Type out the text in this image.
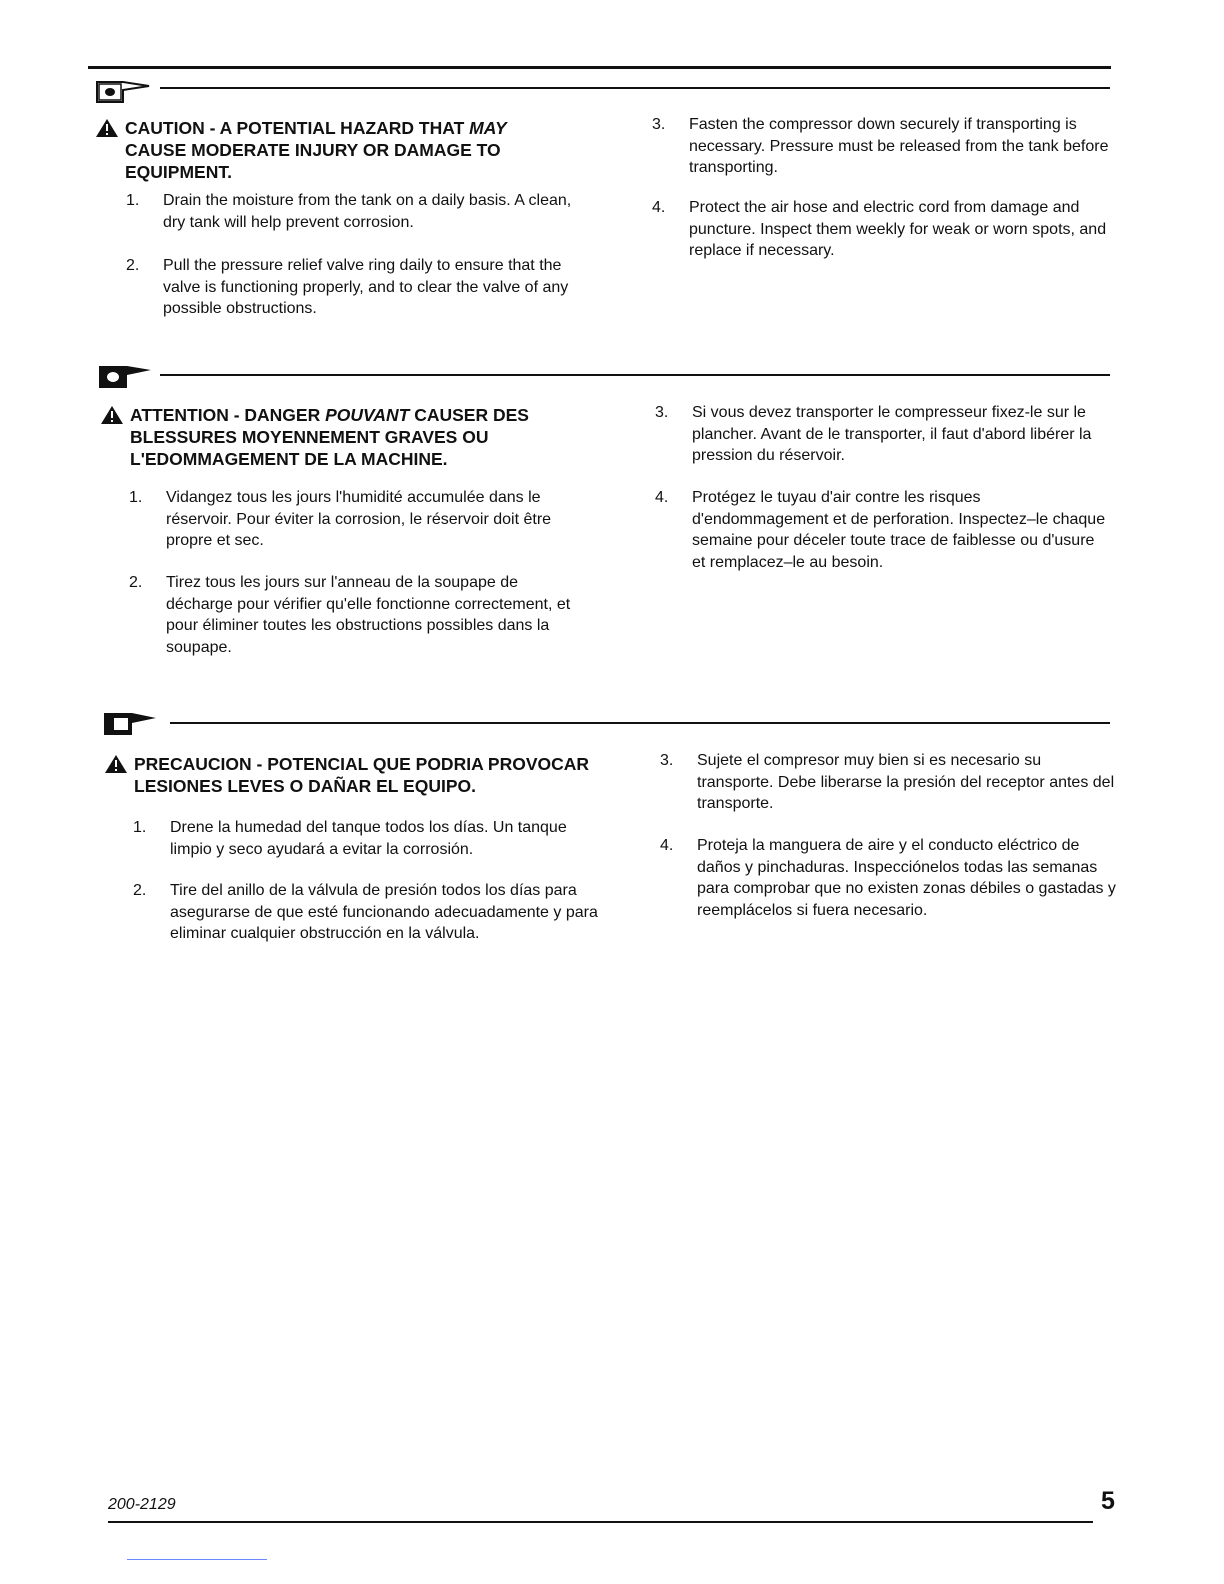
CAUTION - A POTENTIAL HAZARD THAT MAY CAUSE MODERATE INJURY OR DAMAGE TO EQUIPMENT.
1. Drain the moisture from the tank on a daily basis. A clean, dry tank will help prevent corrosion.
2. Pull the pressure relief valve ring daily to ensure that the valve is functioning properly, and to clear the valve of any possible obstructions.
3. Fasten the compressor down securely if transporting is necessary. Pressure must be released from the tank before transporting.
4. Protect the air hose and electric cord from damage and puncture. Inspect them weekly for weak or worn spots, and replace if necessary.
ATTENTION - DANGER POUVANT CAUSER DES BLESSURES MOYENNEMENT GRAVES OU L'EDOMMAGEMENT DE LA MACHINE.
1. Vidangez tous les jours l'humidité accumulée dans le réservoir. Pour éviter la corrosion, le réservoir doit être propre et sec.
2. Tirez tous les jours sur l'anneau de la soupape de décharge pour vérifier qu'elle fonctionne correctement, et pour éliminer toutes les obstructions possibles dans la soupape.
3. Si vous devez transporter le compresseur fixez-le sur le plancher. Avant de le transporter, il faut d'abord libérer la pression du réservoir.
4. Protégez le tuyau d'air contre les risques d'endommagement et de perforation. Inspectez–le chaque semaine pour déceler toute trace de faiblesse ou d'usure et remplacez–le au besoin.
PRECAUCION - POTENCIAL QUE PODRIA PROVOCAR LESIONES LEVES O DAÑAR EL EQUIPO.
1. Drene la humedad del tanque todos los días. Un tanque limpio y seco ayudará a evitar la corrosión.
2. Tire del anillo de la válvula de presión todos los días para asegurarse de que esté funcionando adecuadamente y para eliminar cualquier obstrucción en la válvula.
3. Sujete el compresor muy bien si es necesario su transporte. Debe liberarse la presión del receptor antes del transporte.
4. Proteja la manguera de aire y el conducto eléctrico de daños y pinchaduras. Inspecciónelos todas las semanas para comprobar que no existen zonas débiles o gastadas y reemplácelos si fuera necesario.
200-2129	5
